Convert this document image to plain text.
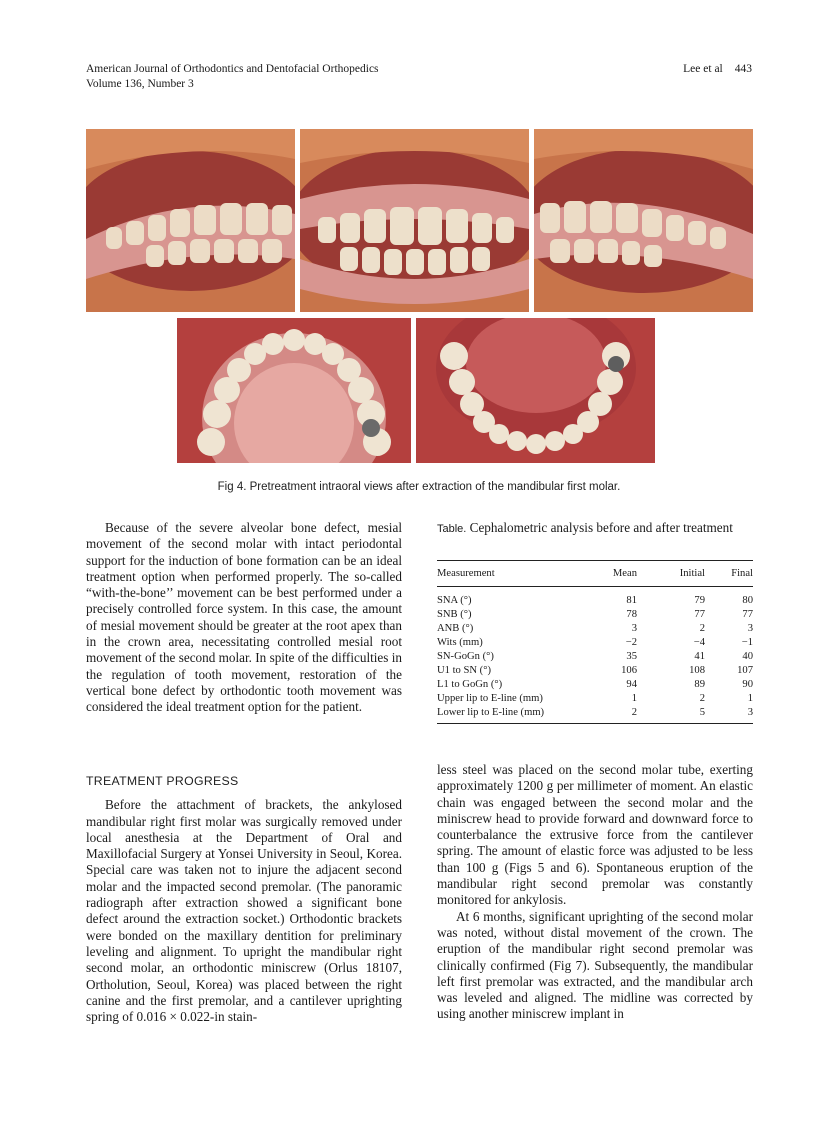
American Journal of Orthodontics and Dentofacial Orthopedics
Volume 136, Number 3
Lee et al 443
Fig 4. Pretreatment intraoral views after extraction of the mandibular first molar.

Because of the severe alveolar bone defect, mesial movement of the second molar with intact periodontal support for the induction of bone formation can be an ideal treatment option when performed properly. The so-called “with-the-bone’’ movement can be best performed under a precisely controlled force system. In this case, the amount of mesial movement should be greater at the root apex than in the crown area, necessitating controlled mesial root movement of the second molar. In spite of the difficulties in the regulation of tooth movement, restoration of the vertical bone defect by orthodontic tooth movement was considered the ideal treatment option for the patient.

TREATMENT PROGRESS

Before the attachment of brackets, the ankylosed mandibular right first molar was surgically removed under local anesthesia at the Department of Oral and Maxillofacial Surgery at Yonsei University in Seoul, Korea. Special care was taken not to injure the adjacent second molar and the impacted second premolar. (The panoramic radiograph after extraction showed a significant bone defect around the extraction socket.) Orthodontic brackets were bonded on the maxillary dentition for preliminary leveling and alignment. To upright the mandibular right second molar, an orthodontic miniscrew (Orlus 18107, Ortholution, Seoul, Korea) was placed between the right canine and the first premolar, and a cantilever uprighting spring of 0.016 × 0.022-in stain-

Table. Cephalometric analysis before and after treatment
Measurement	Mean	Initial	Final
SNA (°)	81	79	80
SNB (°)	78	77	77
ANB (°)	3	2	3
Wits (mm)	−2	−4	−1
SN-GoGn (°)	35	41	40
U1 to SN (°)	106	108	107
L1 to GoGn (°)	94	89	90
Upper lip to E-line (mm)	1	2	1
Lower lip to E-line (mm)	2	5	3

less steel was placed on the second molar tube, exerting approximately 1200 g per millimeter of moment. An elastic chain was engaged between the second molar and the miniscrew head to provide forward and downward force to counterbalance the extrusive force from the cantilever spring. The amount of elastic force was adjusted to be less than 100 g (Figs 5 and 6). Spontaneous eruption of the mandibular right second premolar was constantly monitored for ankylosis.

At 6 months, significant uprighting of the second molar was noted, without distal movement of the crown. The eruption of the mandibular right second premolar was clinically confirmed (Fig 7). Subsequently, the mandibular left first premolar was extracted, and the mandibular arch was leveled and aligned. The midline was corrected by using another miniscrew implant in
